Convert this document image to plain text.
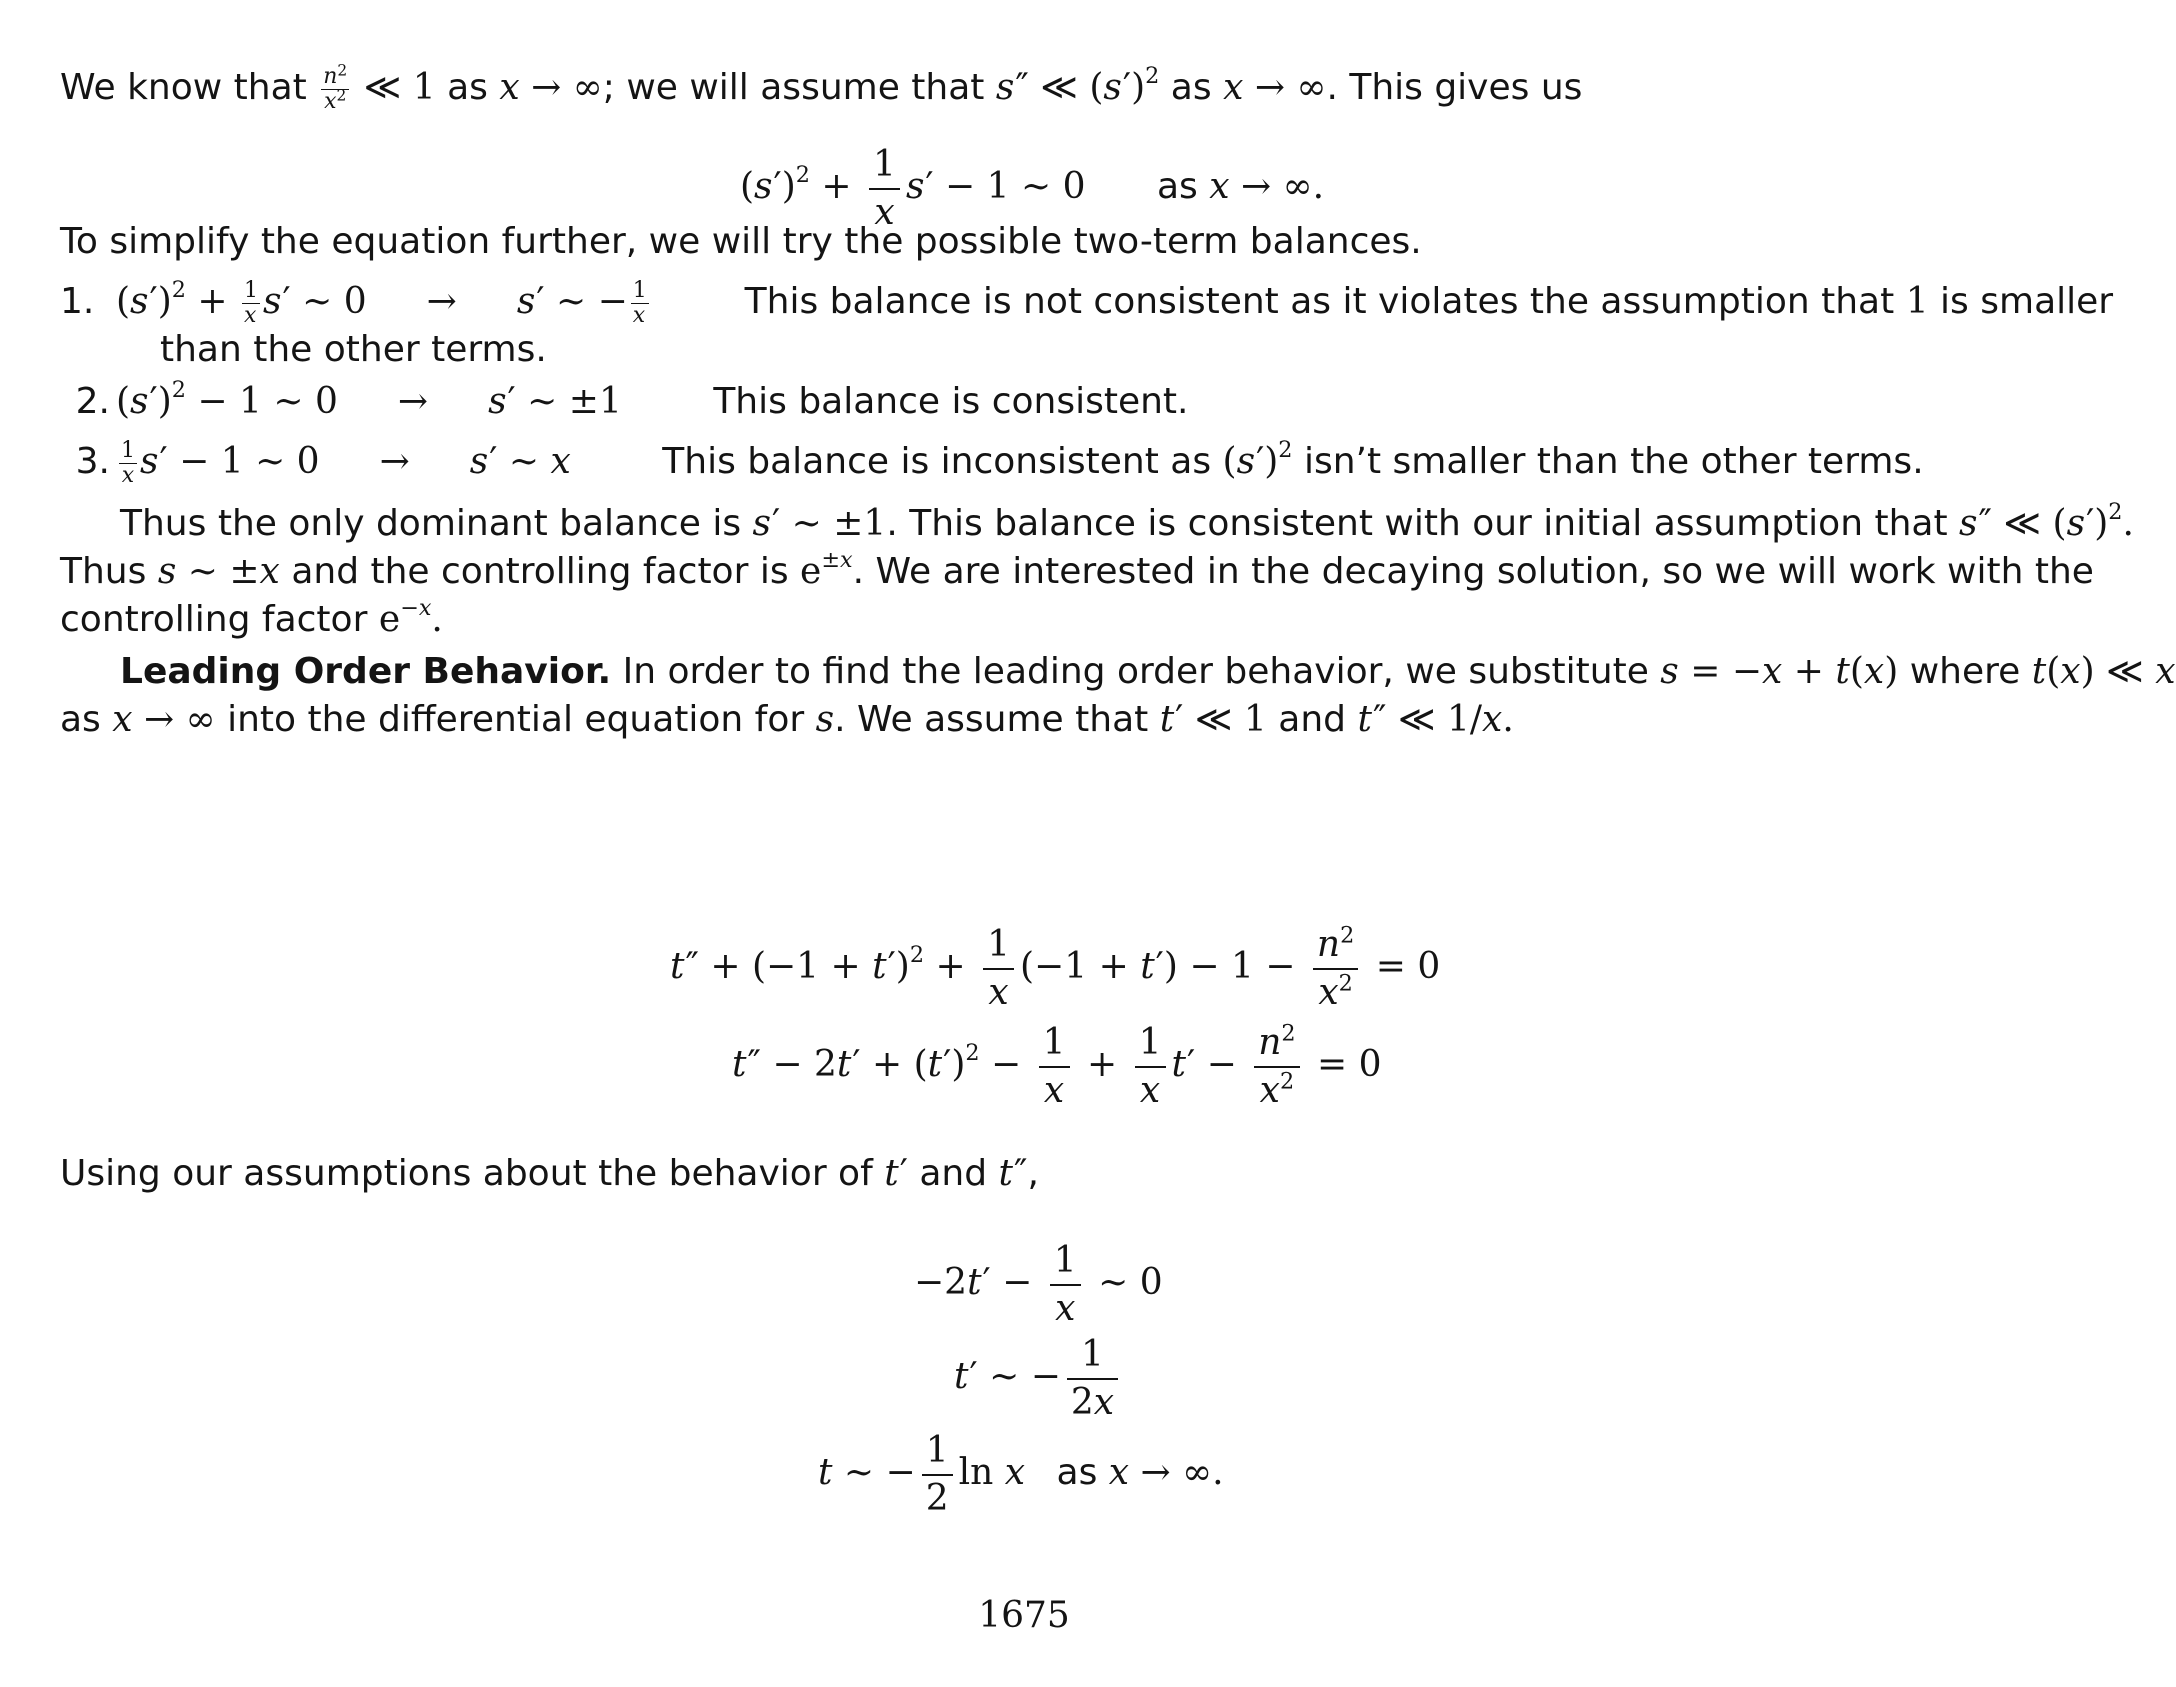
We know that $\frac{n^2}{x^2}$ ≪ 1 as x → ∞; we will assume that s″ ≪ $(s')^2$ as x → ∞. This gives us
$(s')^2 + \frac{1}{x} s' - 1$ ∼ 0 as x → ∞.
To simplify the equation further, we will try the possible two-term balances.
1. $(s')^2 + \frac{1}{x} s'$ ∼ 0 → s′ ∼ − $\frac{1}{x}$	This balance is not consistent as it violates the assumption that 1 is smaller
than the other terms.
2. $(s')^2 - 1$ ∼ 0 → s′ ∼ ±1	This balance is consistent.
3. $\frac{1}{x} s' - 1$ ∼ 0 → s′ ∼ x	This balance is inconsistent as $(s')^2$ isn’t smaller than the other terms.
Thus the only dominant balance is s′ ∼ ±1. This balance is consistent with our initial assumption that s″ ≪ $(s')^2$.
Thus s ∼ ±x and the controlling factor is $e^{\pm x}$. We are interested in the decaying solution, so we will work with the
controlling factor $e^{-x}$.
Leading Order Behavior. In order to find the leading order behavior, we substitute s = −x + t(x) where t(x) ≪ x
as x → ∞ into the differential equation for s. We assume that t′ ≪ 1 and t″ ≪ 1/x.
$t'' + (-1 + t')^2 + \frac{1}{x} (-1 + t') - 1 - \frac{n^2}{x^2} = 0$
$t'' - 2t' + (t')^2 - \frac{1}{x} + \frac{1}{x} t' - \frac{n^2}{x^2} = 0$
Using our assumptions about the behavior of t′ and t″,
$-2t' - \frac{1}{x}$ ∼ 0
t′ ∼ − $\frac{1}{2x}$
t ∼ − $\frac{1}{2}$ ln x as x → ∞.
1675
